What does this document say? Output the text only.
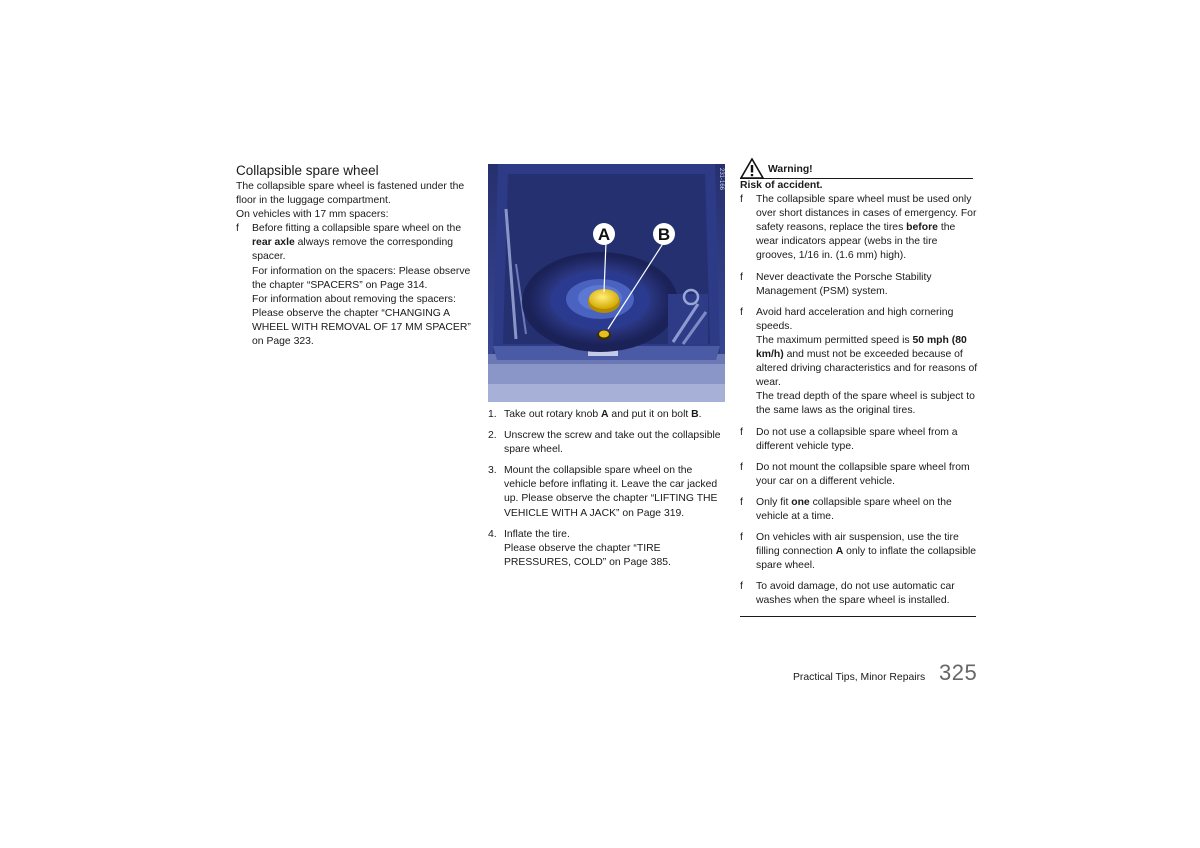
Collapsible spare wheel

The collapsible spare wheel is fastened under the floor in the luggage compartment.

On vehicles with 17 mm spacers:

f Before fitting a collapsible spare wheel on the rear axle always remove the corresponding spacer.

For information on the spacers: Please observe the chapter “SPACERS” on Page 314.

For information about removing the spacers: Please observe the chapter “CHANGING A WHEEL WITH REMOVAL OF 17 MM SPACER” on Page 323.

A	B
231-166
1. Take out rotary knob A and put it on bolt B.

2. Unscrew the screw and take out the collapsible spare wheel.

3. Mount the collapsible spare wheel on the vehicle before inflating it. Leave the car jacked up. Please observe the chapter “LIFTING THE VEHICLE WITH A JACK” on Page 319.

4. Inflate the tire.

Please observe the chapter “TIRE PRESSURES, COLD” on Page 385.

Warning!

Risk of accident.

f The collapsible spare wheel must be used only over short distances in cases of emergency. For safety reasons, replace the tires before the wear indicators appear (webs in the tire grooves, 1/16 in. (1.6 mm) high).

f Never deactivate the Porsche Stability Management (PSM) system.

f Avoid hard acceleration and high cornering speeds.

The maximum permitted speed is 50 mph (80 km/h) and must not be exceeded because of altered driving characteristics and for reasons of wear.

The tread depth of the spare wheel is subject to the same laws as the original tires.

f Do not use a collapsible spare wheel from a different vehicle type.

f Do not mount the collapsible spare wheel from your car on a different vehicle.

f Only fit one collapsible spare wheel on the vehicle at a time.

f On vehicles with air suspension, use the tire filling connection A only to inflate the collapsible spare wheel.

f To avoid damage, do not use automatic car washes when the spare wheel is installed.

Practical Tips, Minor Repairs 325
